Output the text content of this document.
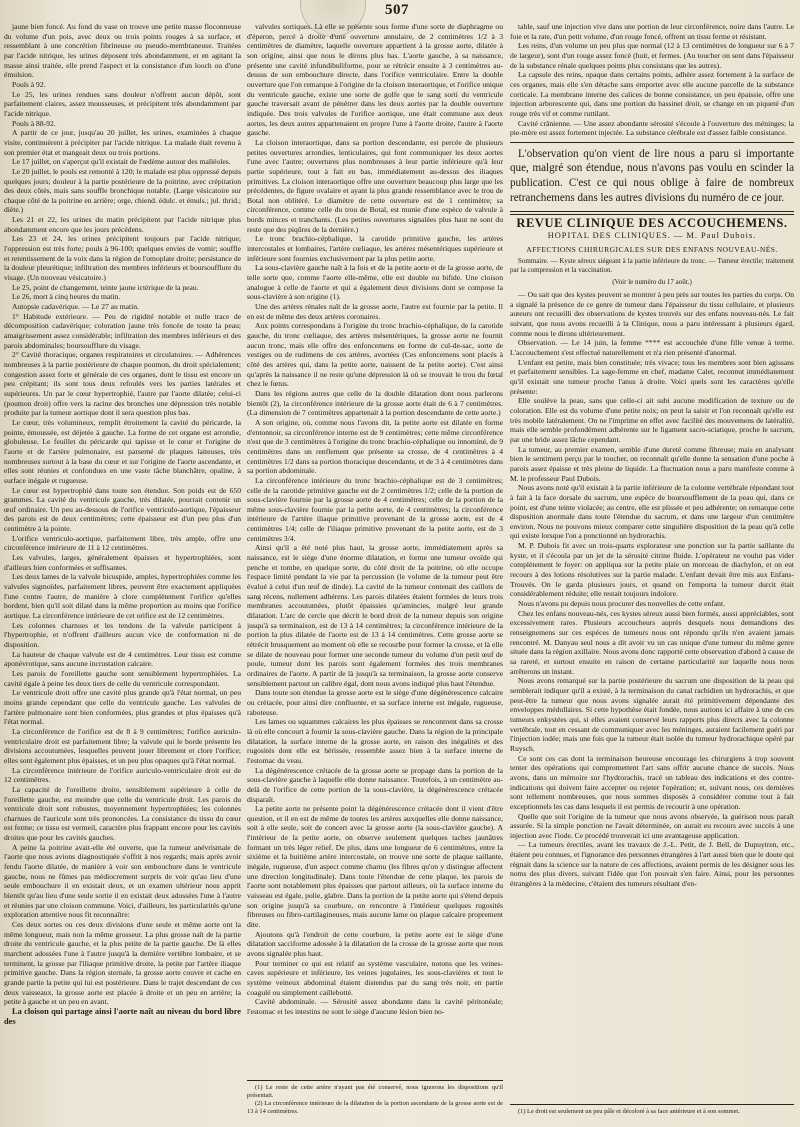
507

jaune bien foncé. Au fond du vase on trouve une petite masse floconneuse du volume d'un pois, avec deux ou trois points rouges à sa surface, et ressemblant à une concrétion fibrineuse ou pseudo-membraneuse. Traitées par l'acide nitrique, les urines déposent très abondamment, et en agitant la masse ainsi traitée, elle prend l'aspect et la consistance d'un looch ou d'une émulsion.

Pouls à 92.

Le 25, les urines rendues sans douleur n'offrent aucun dépôt, sont parfaitement claires, assez mousseuses, et précipitent très abondamment par l'acide nitrique.

Pouls à 88-92.

A partir de ce jour, jusqu'au 20 juillet, les urines, examinées à chaque visite, continuèrent à précipiter par l'acide nitrique. La malade était revenu à son premier état et mangeait deux ou trois portions.

Le 17 juillet, on s'aperçut qu'il existait de l'œdème autour des malléoles.

Le 20 juillet, le pouls est remonté à 120; le malade est plus oppressé depuis quelques jours; douleur à la partie postérieure de la poitrine, avec crépitation des deux côtés, mais sans souffle bronchique notable. (Large vésicatoire sur chaque côté de la poitrine en arrière; orge, chiend. édulc. et émuls.; jul. thrid.; diète.)

Les 21 et 22, les urines du matin précipitent par l'acide nitrique plus abondamment encore que les jours précédens.

Les 23 et 24, les urines précipitent toujours par l'acide nitrique; l'oppression est très forte; pouls à 96-100; quelques envies de vomir; souffle et retentissement de la voix dans la région de l'omoplate droite; persistance de la douleur pleurétique; infiltration des membres inférieurs et boursoufflure du visage. (Un nouveau vésicatoire.)

Le 25, point de changement, teinte jaune ictérique de la peau.

Le 26, mort à cinq heures du matin.

Autopsie cadavérique. — Le 27 au matin.

1° Habitude extérieure. — Peu de rigidité notable et nulle trace de décomposition cadavérique; coloration jaune très foncée de toute la peau; amaigrissement assez considérable; infiltration des membres inférieurs et des parois abdominales; boursoufflure du visage.

2° Cavité thoracique, organes respiratoires et circulatoires. — Adhérences nombreuses à la partie postérieure de chaque poumon, du droit spécialement; congestion assez forte et générale de ces organes, dont le tissu est encore un peu crépitant; ils sont tous deux refoulés vers les parties latérales et supérieures. Un par le cœur hypertrophié, l'autre par l'aorte dilatée; celui-ci (poumon droit) offre vers la racine des bronches une dépression très notable produite par la tumeur aortique dont il sera question plus bas.

Le cœur, très volumineux, remplit étroitement la cavité du péricarde, la pointe, émoussée, est déjetée à gauche. La forme de cet organe est arrondie, globuleuse. Le feuillet du péricarde qui tapisse et le cœur et l'origine de l'aorte et de l'artère pulmonaire, est parsemé de plaques laiteuses, très nombreuses surtout à la base du cœur et sur l'origine de l'aorte ascendante, et elles sont réunies et confondues en une vaste tâche blanchâtre, opaline, à surface inégale et rugueuse.

Le cœur est hypertrophié dans toute son étendue. Son poids est de 650 grammes. La cavité du ventricule gauche, très dilatée, pourrait contenir un œuf ordinaire. Un peu au-dessous de l'orifice ventriculo-aortique, l'épaisseur des parois est de deux centimètres; cette épaisseur est d'un peu plus d'un centimètre à la pointe.

L'orifice ventriculo-aortique, parfaitement libre, très ample, offre une circonférence intérieure de 11 à 12 centimètres.

Les valvules, larges, généralement épaisses et hypertrophiées, sont d'ailleurs bien conformées et suffisantes.

Les deux lames de la valvule bicuspide, amples, hypertrophiées comme les valvules sigmoïdes, parfaitement libres, peuvent être exactement appliquées l'une contre l'autre, de manière à clore complètement l'orifice qu'elles bordent, bien qu'il soit dilaté dans la même proportion au moins que l'orifice aortique. La circonférence intérieure de cet orifice est de 12 centimètres.

Les colonnes charnues et les tendons de la valvule participent à l'hypertrophie, et n'offrent d'ailleurs aucun vice de conformation ni de disposition.

La hauteur de chaque valvule est de 4 centimètres. Leur tissu est comme aponévrotique, sans aucune incrustation calcaire.

Les parois de l'oreillette gauche sont sensiblement hypertrophiées. La cavité égale à peine les deux tiers de celle du ventricule correspondant.

Le ventricule droit offre une cavité plus grande qu'à l'état normal, un peu moins grande cependant que celle du ventricule gauche. Les valvules de l'artère pulmonaire sont bien conformées, plus grandes et plus épaisses qu'à l'état normal.

La circonférence de l'orifice est de 8 à 9 centimètres; l'orifice auriculo-ventriculaire droit est parfaitement libre; la valvule qui le borde présente les divisions accoutumées, lesquelles peuvent jouer librement et clore l'orifice; elles sont également plus épaisses, et un peu plus opaques qu'à l'état normal.

La circonférence intérieure de l'orifice auriculo-ventriculaire droit est de 12 centimètres.

La capacité de l'oreillette droite, sensiblement supérieure à celle de l'oreillette gauche, est moindre que celle du ventricule droit. Les parois du ventricule droit sont robustes, moyennement hypertrophiées; les colonnes charnues de l'auricule sont très prononcées. La consistance du tissu du cœur est ferme; ce tissu est vermeil, caractère plus frappant encore pour les cavités droites que pour les cavités gauches.

A peine la poitrine avait-elle été ouverte, que la tumeur anévrismale de l'aorte que nous avions diagnostiquée s'offrit à nos regards; mais après avoir fendu l'aorte dilatée, de manière à voir son embouchure dans le ventricule gauche, nous ne fûmes pas médiocrement surpris de voir qu'au lieu d'une seule embouchure il en existait deux, et un examen ultérieur nous apprit bientôt qu'au lieu d'une seule sortie il en existait deux adossées l'une à l'autre et réunies par une cloison commune. Voici, d'ailleurs, les particularités qu'une exploration attentive nous fit reconnaître:

Ces deux sortes ou ces deux divisions d'une seule et même aorte ont la même longueur, mais non la même grosseur. La plus grosse naît de la partie droite du ventricule gauche, et la plus petite de la partie gauche. De là elles marchent adossées l'une à l'autre jusqu'à la dernière vertèbre lombaire, et se terminent, la grosse par l'iliaque primitive droite, la petite par l'artère iliaque primitive gauche. Dans la région sternale, la grosse aorte couvre et cache en grande partie la petite qui lui est postérieure. Dans le trajet descendant de ces deux vaisseaux, la grosse aorte est placée à droite et un peu en arrière; la petite à gauche et un peu en avant.

La cloison qui partage ainsi l'aorte naît au niveau du bord libre des

valvules sortiques. Là elle se présente sous forme d'une sorte de diaphragme ou d'éperon, percé à droite d'une ouverture annulaire, de 2 centimètres 1/2 à 3 centimètres de diamètre, laquelle ouverture appartient à la grosse aorte, dilatée à son origine, ainsi que nous le dirons plus bas. L'aorte gauche, à sa naissance, présente une cavité infundibuliforme, pour se rétrécir ensuite à 3 centimètres au-dessus de son embouchure directe, dans l'orifice ventriculaire. Entre la double ouverture que l'on remarque à l'origine de la cloison interaortique, et l'orifice unique du ventricule gauche, existe une sorte de golfe que le sang sorti du ventricule gauche traversait avant de pénétrer dans les deux aortes par la double ouverture indiquée. Des trois valvules de l'orifice aortique, une était commune aux deux aortes, les deux autres appartenaient en propre l'une à l'aorte droite, l'autre à l'aorte gauche.

La cloison interaortique, dans sa portion descendante, est percée de plusieurs petites ouvertures arrondies, lenticulaires, qui font communiquer les deux aortes l'une avec l'autre; ouvertures plus nombreuses à leur partie inférieure qu'à leur partie supérieure, tout à fait en bas, immédiatement au-dessus des iliaques primitives. La cloison interaortique offre une ouverture beaucoup plus large que les précédentes, de figure ovalaire et ayant la plus grande ressemblance avec le trou de Botal non oblitéré. Le diamètre de cette ouverture est de 1 centimètre; sa circonférence, comme celle du trou de Botal, est munie d'une espèce de valvule à bords minces et tranchants. (Les petites ouvertures signalées plus haut ne sont du reste que des piqûres de la dernière.)

Le tronc brachio-céphalique, la carotide primitive gauche, les artères intercostales et lombaires, l'artère cœliaque, les artères mésentériques supérieure et inférieure sont fournies exclusivement par la plus petite aorte.

La sous-clavière gauche naît à la fois et de la petite aorte et de la grosse aorte, de telle sorte que, comme l'aorte elle-même, elle est double ou bifide. Une cloison analogue à celle de l'aorte et qui a également deux divisions dont se compose la sous-clavière à son origine (1).

Une des artères rénales naît de la grosse aorte, l'autre est fournie par la petite. Il en est de même des deux artères coronaires.

Aux points correspondans à l'origine du tronc brachio-céphalique, de la carotide gauche, du tronc cœliaque, des artères mésentériques, la grosse aorte ne fournit aucun tronc, mais elle offre des enfoncemens en forme de cul-de-sac, sorte de vestiges ou de rudimens de ces artères, avortées (Ces enfoncemens sont placés à côté des artères qui, dans la petite aorte, naissent de la petite aorte). C'est ainsi qu'après la naissance il ne reste qu'une dépression là où se trouvait le trou du fœtal chez le fœtus.

Dans les régions autres que celle de la double dilatation dont nous parlerons bientôt (2), la circonférence intérieure de la grosse aorte était de 6 à 7 centimètres. (La dimension de 7 centimètres appartenait à la portion descendante de cette aorte.)

A son origine, où, comme nous l'avons dit, la petite aorte est dilatée en forme d'entonnoir, sa circonférence interne est de 9 centimètres; cette même circonférence n'est que de 3 centimètres à l'origine du tronc brachio-céphalique ou innominé, de 9 centimètres dans un renflement que présente sa crosse, de 4 centimètres à 4 centimètres 1/2 dans sa portion thoracique descendante, et de 3 à 4 centimètres dans sa portion abdominale.

La circonférence intérieure du tronc brachio-céphalique est de 3 centimètres; celle de la carotide primitive gauche est de 2 centimètres 1/2; celle de la portion de sous-clavière fournie par la grosse aorte de 4 centimètres; celle de la portion de la même sous-clavière fournie par la petite aorte, de 4 centimètres; la circonférence intérieure de l'artère iliaque primitive provenant de la grosse aorte, est de 4 centimètres 1/4; celle de l'iliaque primitive provenant de la petite aorte, est de 3 centimètres 3/4.

Ainsi qu'il a été noté plus haut, la grosse aorte, immédiatement après sa naissance, est le siège d'une énorme dilatation, et forme une tumeur ovoïde qui penche et tombe, en quelque sorte, du côté droit de la poitrine, où elle occupe l'espace limité pendant la vie par la percussion (le volume de la tumeur peut être évalué à celui d'un œuf de dinde). La cavité de la tumeur contenait des caillots de sang récens, nullement adhérens. Les parois dilatées étaient formées de leurs trois membranes accoutumées, plutôt épaissies qu'amincies, malgré leur grande dilatation. L'arc de cercle que décrit le bord droit de la tumeur depuis son origine jusqu'à sa terminaison, est de 13 à 14 centimètres; la circonférence intérieure de la portion la plus dilatée de l'aorte est de 13 à 14 centimètres. Cette grosse aorte se rétrécit brusquement au moment où elle se recourbe pour former la crosse, et là elle se dilate de nouveau pour former une seconde tumeur du volume d'un petit œuf de poule, tumeur dont les parois sont également formées des trois membranes ordinaires de l'aorte. A partir de là jusqu'à sa terminaison, la grosse aorte conserve sensiblement partout un calibre égal, dont nous avons indiqué plus haut l'étendue.

Dans toute son étendue la grosse aorte est le siège d'une dégénérescence calcaire ou crétacée, pour ainsi dire confluente, et sa surface interne est inégale, rugueuse, raboteuse.

Les lames ou squammes calcaires les plus épaisses se rencontrent dans sa crosse là où elle concourt à fournir la sous-clavière gauche. Dans la région de la principale dilatation, la surface interne de la grosse aorte, en raison des inégalités et des rugosités dont elle est hérissée, ressemble assez bien à la surface interne de l'estomac du veau.

La dégénérescence crétacée de la grosse aorte se propage dans la portion de la sous-clavière gauche à laquelle elle donne naissance. Toutefois, à un centimètre au-delà de l'orifice de cette portion de la sous-clavière, la dégénérescence crétacée disparaît.

La petite aorte ne présente point la dégénérescence crétacée dont il vient d'être question, et il en est de même de toutes les artères auxquelles elle donne naissance, soit à elle seule, soit de concert avec la grosse aorte (la sous-clavière gauche). A l'intérieur de la petite aorte, on observe seulement quelques taches jaunâtres formant un très léger relief. De plus, dans une longueur de 6 centimètres, entre la sixième et la huitième artère intercostale, on trouve une sorte de plaque saillante, inégale, rugueuse, d'un aspect comme charnu (les fibres qu'on y distingue affectent une direction longitudinale). Dans toute l'étendue de cette plaque, les parois de l'aorte sont notablement plus épaisses que partout ailleurs, où la surface interne du vaisseau est égale, polie, glabre. Dans la portion de la petite aorte qui s'étend depuis son origine jusqu'à sa courbure, on rencontre à l'intérieur quelques rugosités fibreuses ou fibro-cartilagineuses, mais aucune lame ou plaque calcaire proprement dite.

Ajoutons qu'à l'endroit de cette courbure, la petite aorte est le siège d'une dilatation sacciforme adossée à la dilatation de la crosse de la grosse aorte que nous avons signalée plus haut.

Pour terminer ce qui est relatif au système vasculaire, notons que les veines-caves supérieure et inférieure, les veines jugulaires, les sous-clavières et tout le système veineux abdominal étaient distendus par du sang très noir, en partie coagulé ou simplement caillebotté.

Cavité abdominale. — Sérosité assez abondante dans la cavité péritonéale; l'estomac et les intestins ne sont le siège d'aucune lésion bien no-

(1) Le reste de cette artère n'ayant pas été conservé, nous ignorons les dispositions qu'il présentait.

(2) La circonférence intérieure de la dilatation de la portion ascendante de la grosse aorte est de 13 à 14 centimètres.

table, sauf une injection vive dans une portion de leur circonférence, noire dans l'autre. Le foie et la rate, d'un petit volume, d'un rouge foncé, offrent un tissu ferme et résistant.

Les reins, d'un volume un peu plus que normal (12 à 13 centimètres de longueur sur 6 à 7 de largeur), sont d'un rouge assez foncé (huit, et fermes. (Au toucher on sent dans l'épaisseur de la substance rénale quelques points plus consistans que les autres).

La capsule des reins, opaque dans certains points, adhère assez fortement à la surface de ces organes, mais elle s'en détache sans emporter avec elle aucune parcelle de la substance corticale. La membrane interne des calices de bonne consistance, un peu épaissie, offre une injection arborescente qui, dans une portion du bassinet droit, se change en un piqueté d'un rouge très vif et comme ruttilant.

Cavité crânienne. — Une assez abondante sérosité s'écoule à l'ouverture des méninges; la pie-mère est assez fortement injectée. La substance cérébrale est d'assez faible consistance.

L'observation qu'on vient de lire nous a paru si importante que, malgré son étendue, nous n'avons pas voulu en scinder la publication. C'est ce qui nous oblige à faire de nombreux retranchemens dans les autres divisions du numéro de ce jour.

REVUE CLINIQUE DES ACCOUCHEMENS.
HOPITAL DES CLINIQUES. — M. Paul Dubois.
AFFECTIONS CHIRURGICALES SUR DES ENFANS NOUVEAU-NÉS.
Sommaire. — Kyste séreux siégeant à la partie inférieure du tronc. — Tumeur érectile; traitement par la compression et la vaccination.
(Voir le numéro du 17 août.)

— Ou sait que des kystes peuvent se montrer à peu près sur toutes les parties du corps. On a signalé la présence de ce genre de tumeur dans l'épaisseur du tissu cellulaire, et plusieurs auteurs ont recueilli des observations de kystes trouvés sur des enfans nouveau-nés. Le fait suivant, que nous avons recueilli à la Clinique, nous a paru intéressant à plusieurs égard, comme nous le dirons ultérieurement.

Observation. — Le 14 juin, la femme **** est accouchée d'une fille venue à terme. L'accouchement s'est effectué naturellement et n'a rien présenté d'anormal.

L'enfant est petite, mais bien constituée; très vivace; tous les membres sont bien agissans et parfaitement sensibles. La sage-femme en chef, madame Calet, reconnut immédiatement qu'il existait une tumeur proche l'anus à droite. Voici quels sont les caractères qu'elle présente:

Elle soulève la peau, sans que celle-ci ait subi aucune modification de texture ou de coloration. Elle est du volume d'une petite noix; on peut la saisir et l'on reconnaît qu'elle est très mobile latéralement. On ne l'imprime en effet avec facilité des mouvemens de latéralité, mais elle semble profondément adhérente sur le ligament sacro-sciatique, proche le sacrum, par une bride assez lâche cependant.

La tumeur, au premier examen, semble d'une dureté comme fibreuse; mais en analysant bien le sentiment perçu par le toucher, on reconnaît qu'elle donne la sensation d'une poche à parois assez épaisse et très pleine de liquide. La fluctuation nous a paru manifeste comme à M. le professeur Paul Dubois.

Nous avons noté qu'il existait à la partie inférieure de la colonne vertébrale répondant tout à fait à la face dorsale du sacrum, une espèce de boursoufflement de la peau qui, dans ce point, est d'une teinte violacée; au centre, elle est plissée et peu adhérente; on remarque cette disposition anormale dans toute l'étendue du sacrum, et dans une largeur d'un centimètre environ. Nous ne pouvons mieux comparer cette singulière disposition de la peau qu'à celle qui existe lorsque l'on a ponctionné un hydrorachis.

M. P. Dubois fit avec un trois-quarts explorateur une ponction sur la partie saillante du kyste, et il s'écoula par un jet de la sérosité citrine fluide. L'opérateur ne voulut pas vider complètement le foyer: on appliqua sur la petite plaie un morceau de diachylon, et on eut recours à des lotions résolutives sur la partie malade. L'enfant devait être mis aux Enfans-Trouvés. On le garda plusieurs jours, et quand on l'emporta la tumeur durcit était considérablement réduite; elle restait toujours indolore.

Nous n'avons pu depuis nous procurer des nouvelles de cette enfant.

Chez les enfans nouveau-nés, ces kystes séreux aussi bien formés, aussi appréciables, sont excessivement rares. Plusieurs accoucheurs auprès desquels nous demandions des renseignemens sur ces espèces de tumeurs nous ont répondu qu'ils n'en avaient jamais rencontré. M. Danyau seul nous a dit avoir vu un cas unique d'une tumeur du même genre située dans la région axillaire. Nous avons donc rapporté cette observation d'abord à cause de sa rareté, et surtout ensuite en raison de certaine particularité sur laquelle nous nous arrêterons un instant.

Nous avons remarqué sur la partie postérieure du sacrum une disposition de la peau qui semblerait indiquer qu'il a existé, à la terminaison du canal rachidien un hydrorachis, et que peut-être la tumeur que nous avons signalée aurait été primitivement dépendante des enveloppes médullaires. Si cette hypothèse était fondée, nous aurions ici affaire à une de ces tumeurs enkystées qui, si elles avaient conservé leurs rapports plus directs avec la colonne vertébrale, tout en cessant de communiquer avec les méninges, auraient facilement guéri par l'injection iodée; mais une fois que la tumeur était isolée du tumeur hydrorachique opéré par Ruysch.

Ce sont ces cas dont la terminaison heureuse encourage les chirurgiens à trop souvent tenter des opérations qui compromettent l'art sans offrir aucune chance de succès. Nous avons, dans un mémoire sur l'hydrorachis, tracé un tableau des indications et des contre-indications qui doivent faire accepter ou rejeter l'opération; et, suivant nous, ces dernières sont tellement nombreuses, que nous sommes disposés à considérer comme tout à fait exceptionnels les cas dans lesquels il est permis de recourir à une opération.

Quelle que soit l'origine de la tumeur que nous avons observée, la guérison nous paraît assurée. Si la simple ponction ne l'avait déterminée, on aurait eu recours avec succès à une injection avec l'iode. Ce procédé trouverait ici une avantageuse application.

— La tumeurs érectiles, avant les travaux de J.-L. Petit, de J. Bell, de Dupuytren, etc., étaient peu connues, et l'ignorance des personnes étrangères à l'art aussi bien que le doute qui régnait dans la science sur la nature de ces affections, avaient permis de les désigner sous les noms des plus divers, suivant l'idée que l'on pouvait s'en faire. Ainsi, pour les personnes étrangères à la médecine, c'étaient des tumeurs résultant d'en-

(1) Le droit est seulement un peu pâle et décoloré à sa face antérieure et à son sommet.
